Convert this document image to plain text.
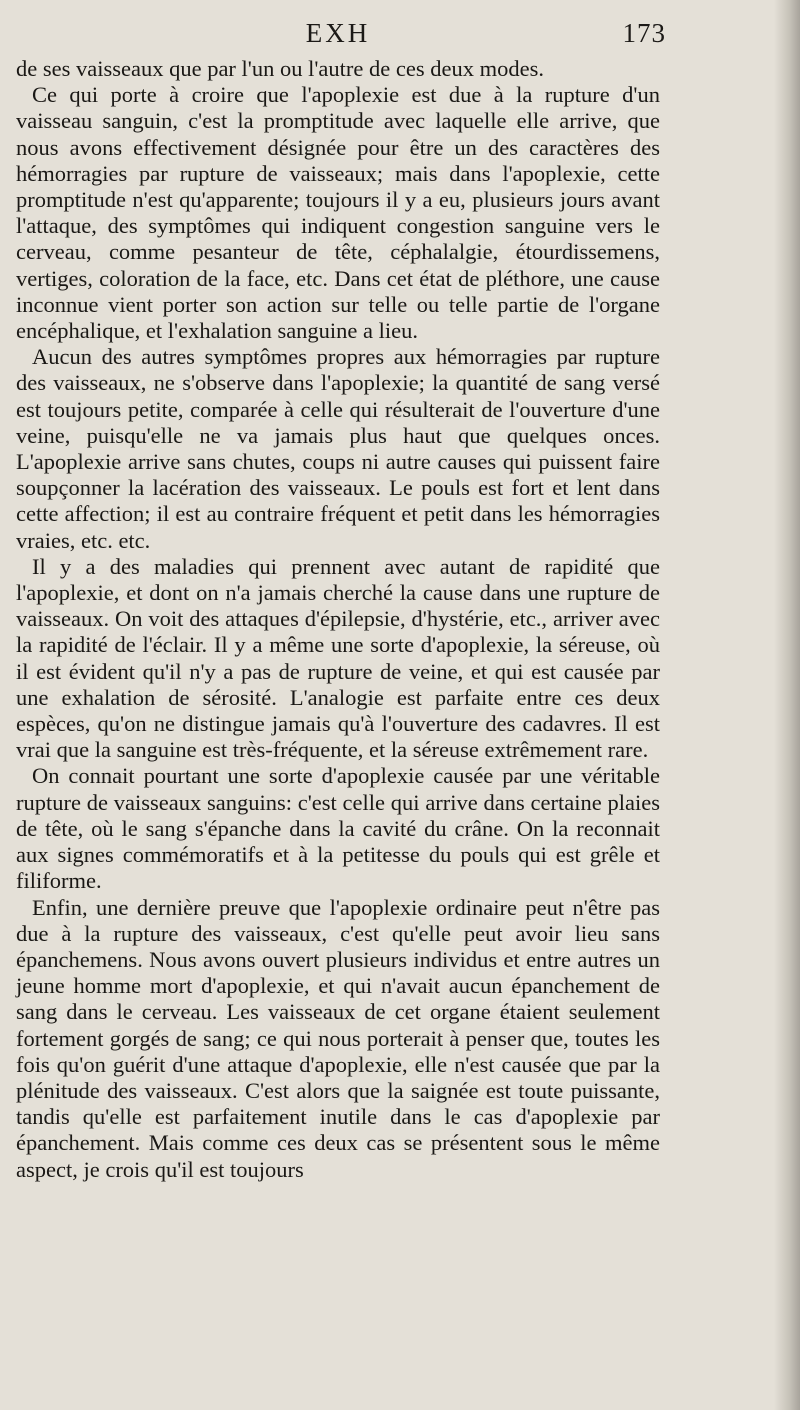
EXH	173

de ses vaisseaux que par l'un ou l'autre de ces deux modes.

Ce qui porte à croire que l'apoplexie est due à la rupture d'un vaisseau sanguin, c'est la promptitude avec laquelle elle arrive, que nous avons effectivement désignée pour être un des caractères des hémorragies par rupture de vaisseaux; mais dans l'apoplexie, cette promptitude n'est qu'apparente; toujours il y a eu, plusieurs jours avant l'attaque, des symptômes qui indiquent congestion sanguine vers le cerveau, comme pesanteur de tête, céphalalgie, étourdissemens, vertiges, coloration de la face, etc. Dans cet état de pléthore, une cause inconnue vient porter son action sur telle ou telle partie de l'organe encéphalique, et l'exhalation sanguine a lieu.

Aucun des autres symptômes propres aux hémorragies par rupture des vaisseaux, ne s'observe dans l'apoplexie; la quantité de sang versé est toujours petite, comparée à celle qui résulterait de l'ouverture d'une veine, puisqu'elle ne va jamais plus haut que quelques onces. L'apoplexie arrive sans chutes, coups ni autre causes qui puissent faire soupçonner la lacération des vaisseaux. Le pouls est fort et lent dans cette affection; il est au contraire fréquent et petit dans les hémorragies vraies, etc. etc.

Il y a des maladies qui prennent avec autant de rapidité que l'apoplexie, et dont on n'a jamais cherché la cause dans une rupture de vaisseaux. On voit des attaques d'épilepsie, d'hystérie, etc., arriver avec la rapidité de l'éclair. Il y a même une sorte d'apoplexie, la séreuse, où il est évident qu'il n'y a pas de rupture de veine, et qui est causée par une exhalation de sérosité. L'analogie est parfaite entre ces deux espèces, qu'on ne distingue jamais qu'à l'ouverture des cadavres. Il est vrai que la sanguine est très-fréquente, et la séreuse extrêmement rare.

On connait pourtant une sorte d'apoplexie causée par une véritable rupture de vaisseaux sanguins: c'est celle qui arrive dans certaine plaies de tête, où le sang s'épanche dans la cavité du crâne. On la reconnait aux signes commémoratifs et à la petitesse du pouls qui est grêle et filiforme.

Enfin, une dernière preuve que l'apoplexie ordinaire peut n'être pas due à la rupture des vaisseaux, c'est qu'elle peut avoir lieu sans épanchemens. Nous avons ouvert plusieurs individus et entre autres un jeune homme mort d'apoplexie, et qui n'avait aucun épanchement de sang dans le cerveau. Les vaisseaux de cet organe étaient seulement fortement gorgés de sang; ce qui nous porterait à penser que, toutes les fois qu'on guérit d'une attaque d'apoplexie, elle n'est causée que par la plénitude des vaisseaux. C'est alors que la saignée est toute puissante, tandis qu'elle est parfaitement inutile dans le cas d'apoplexie par épanchement. Mais comme ces deux cas se présentent sous le même aspect, je crois qu'il est toujours
